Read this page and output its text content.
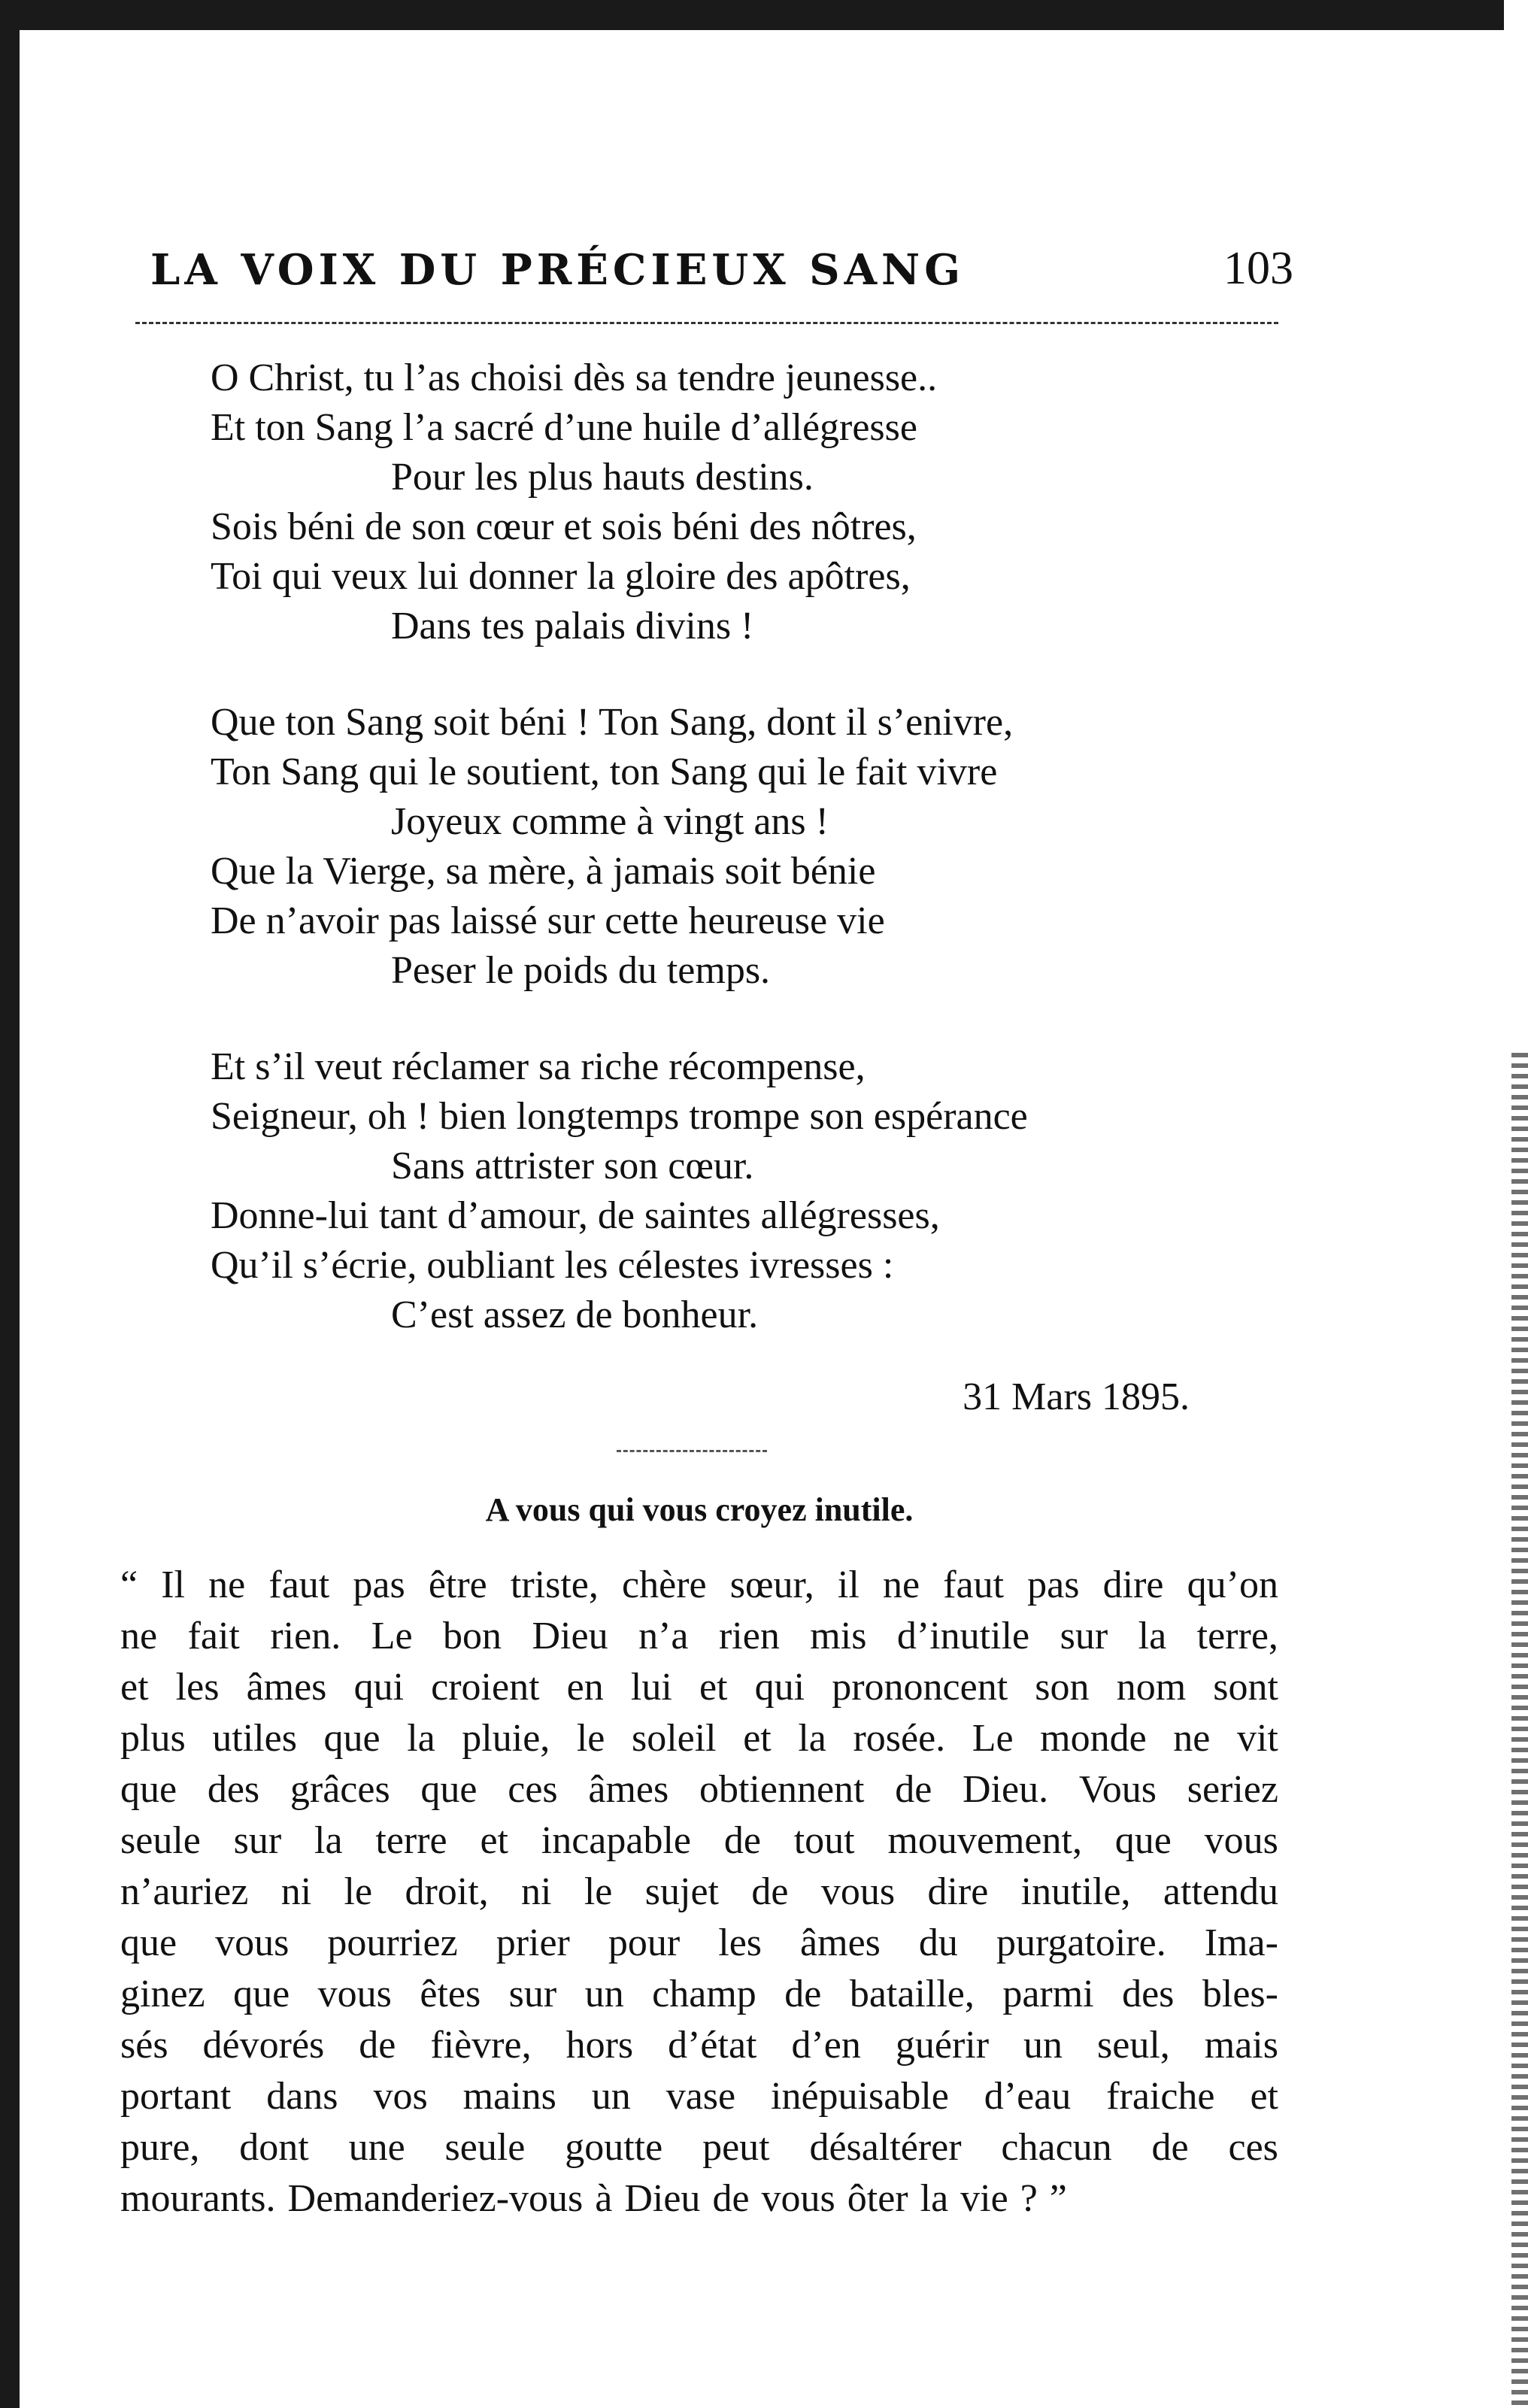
LA VOIX DU PRÉCIEUX SANG	103
O Christ, tu l’as choisi dès sa tendre jeunesse..
Et ton Sang l’a sacré d’une huile d’allégresse
Pour les plus hauts destins.
Sois béni de son cœur et sois béni des nôtres,
Toi qui veux lui donner la gloire des apôtres,
Dans tes palais divins !
Que ton Sang soit béni ! Ton Sang, dont il s’enivre,
Ton Sang qui le soutient, ton Sang qui le fait vivre
Joyeux comme à vingt ans !
Que la Vierge, sa mère, à jamais soit bénie
De n’avoir pas laissé sur cette heureuse vie
Peser le poids du temps.
Et s’il veut réclamer sa riche récompense,
Seigneur, oh ! bien longtemps trompe son espérance
Sans attrister son cœur.
Donne-lui tant d’amour, de saintes allégresses,
Qu’il s’écrie, oubliant les célestes ivresses :
C’est assez de bonheur.
31 Mars 1895.
A vous qui vous croyez inutile.
“ Il ne faut pas être triste, chère sœur, il ne faut pas dire qu’on
ne fait rien. Le bon Dieu n’a rien mis d’inutile sur la terre,
et les âmes qui croient en lui et qui prononcent son nom sont
plus utiles que la pluie, le soleil et la rosée. Le monde ne vit
que des grâces que ces âmes obtiennent de Dieu. Vous seriez
seule sur la terre et incapable de tout mouvement, que vous
n’auriez ni le droit, ni le sujet de vous dire inutile, attendu
que vous pourriez prier pour les âmes du purgatoire. Ima-
ginez que vous êtes sur un champ de bataille, parmi des bles-
sés dévorés de fièvre, hors d’état d’en guérir un seul, mais
portant dans vos mains un vase inépuisable d’eau fraiche et
pure, dont une seule goutte peut désaltérer chacun de ces
mourants. Demanderiez-vous à Dieu de vous ôter la vie ? ”
